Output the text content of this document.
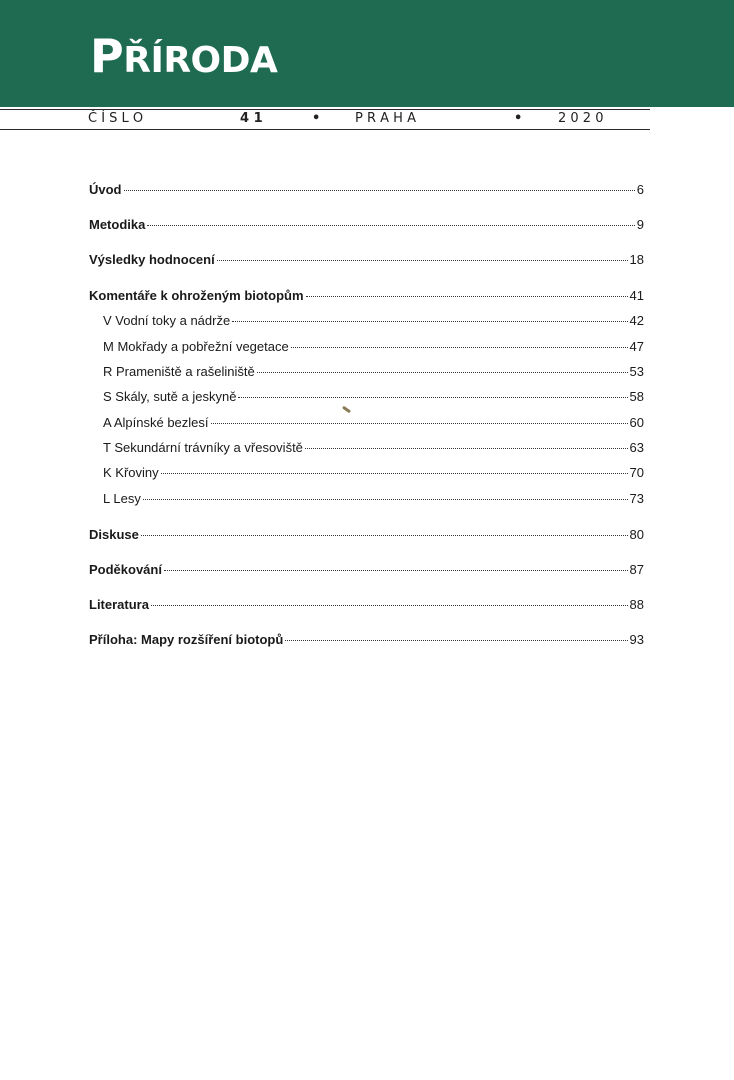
PŘÍRODA
Č Í S L O	4 1	•	P R A H A	•	2 0 2 0
Úvod	6
Metodika	9
Výsledky hodnocení	18
Komentáře k ohroženým biotopům	41
V Vodní toky a nádrže	42
M Mokřady a pobřežní vegetace	47
R Prameniště a rašeliniště	53
S Skály, sutě a jeskyně	58
A Alpínské bezlesí	60
T Sekundární trávníky a vřesoviště	63
K Křoviny	70
L Lesy	73
Diskuse	80
Poděkování	87
Literatura	88
Příloha: Mapy rozšíření biotopů	93
